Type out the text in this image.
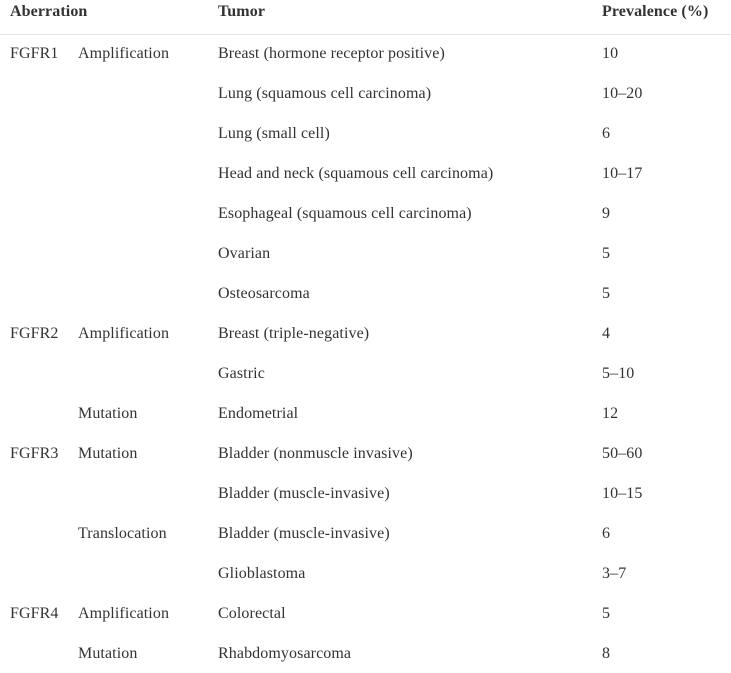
Aberration		Tumor	Prevalence (%)
FGFR1	Amplification	Breast (hormone receptor positive)	10
		Lung (squamous cell carcinoma)	10–20
		Lung (small cell)	6
		Head and neck (squamous cell carcinoma)	10–17
		Esophageal (squamous cell carcinoma)	9
		Ovarian	5
		Osteosarcoma	5
FGFR2	Amplification	Breast (triple-negative)	4
		Gastric	5–10
	Mutation	Endometrial	12
FGFR3	Mutation	Bladder (nonmuscle invasive)	50–60
		Bladder (muscle-invasive)	10–15
	Translocation	Bladder (muscle-invasive)	6
		Glioblastoma	3–7
FGFR4	Amplification	Colorectal	5
	Mutation	Rhabdomyosarcoma	8
